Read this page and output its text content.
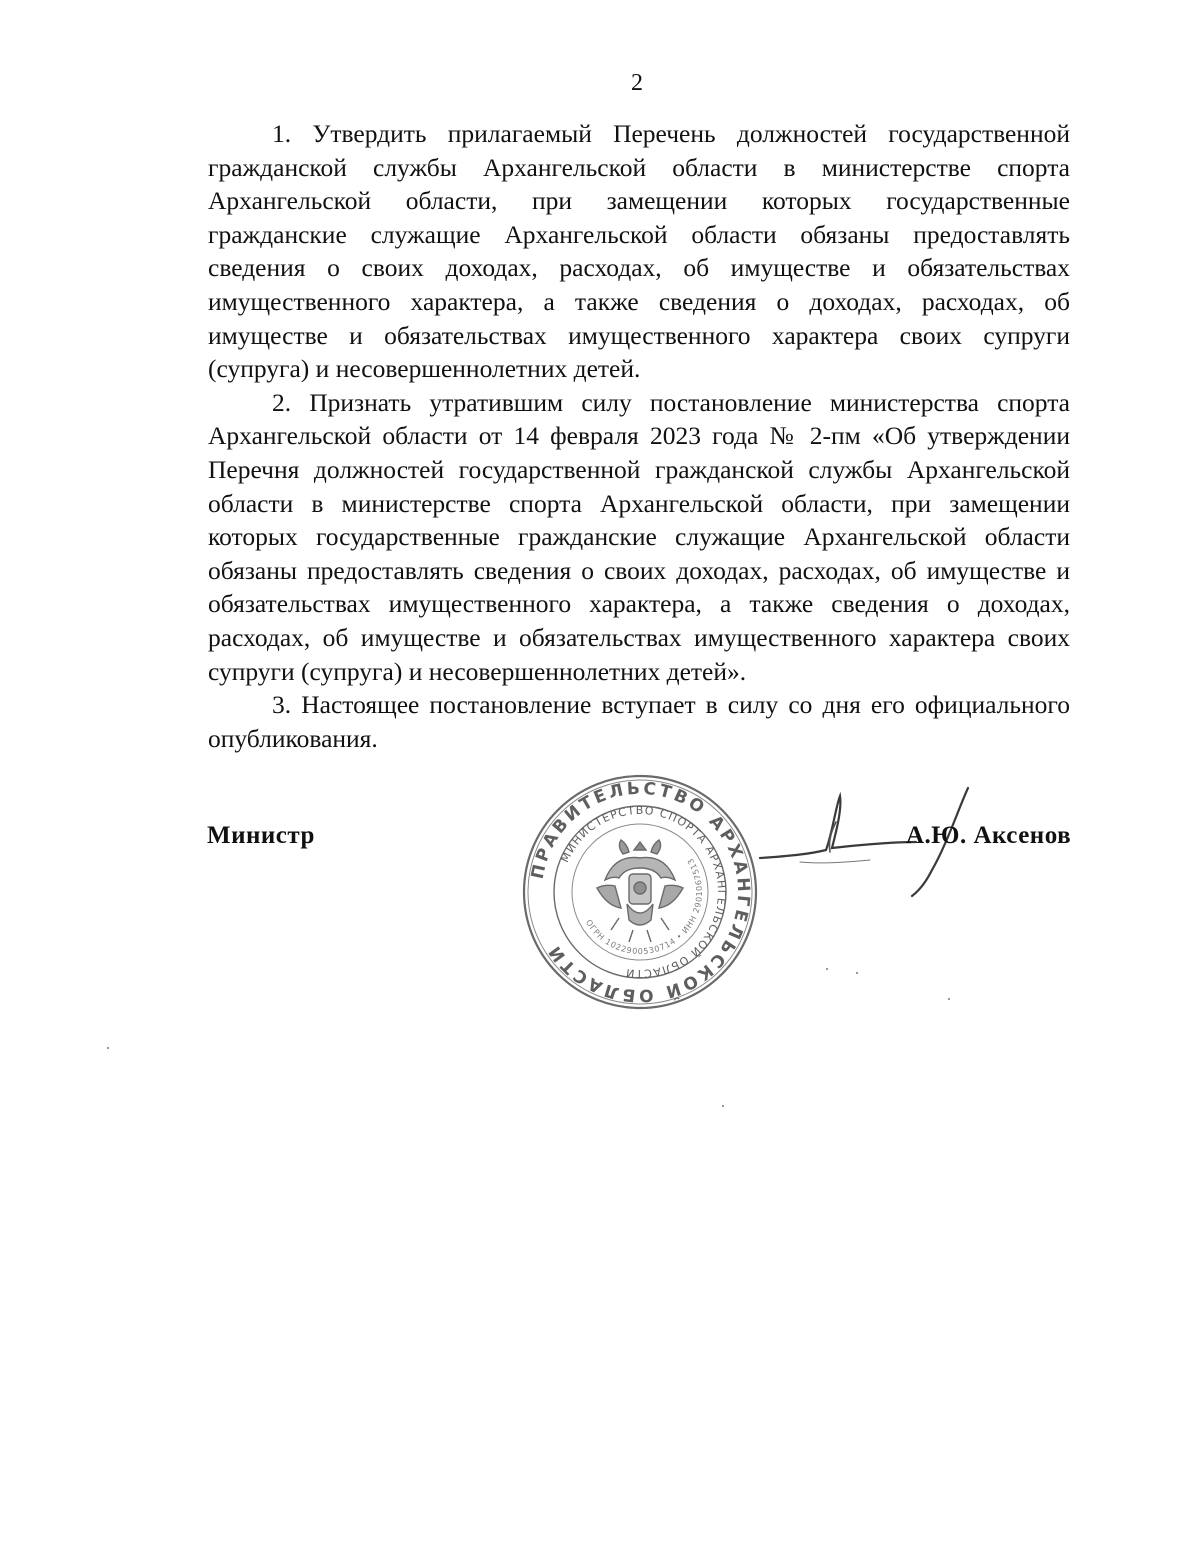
2

1. Утвердить прилагаемый Перечень должностей государственной гражданской службы Архангельской области в министерстве спорта Архангельской области, при замещении которых государственные гражданские служащие Архангельской области обязаны предоставлять сведения о своих доходах, расходах, об имуществе и обязательствах имущественного характера, а также сведения о доходах, расходах, об имуществе и обязательствах имущественного характера своих супруги (супруга) и несовершеннолетних детей.

2. Признать утратившим силу постановление министерства спорта Архангельской области от 14 февраля 2023 года № 2-пм «Об утверждении Перечня должностей государственной гражданской службы Архангельской области в министерстве спорта Архангельской области, при замещении которых государственные гражданские служащие Архангельской области обязаны предоставлять сведения о своих доходах, расходах, об имуществе и обязательствах имущественного характера, а также сведения о доходах, расходах, об имуществе и обязательствах имущественного характера своих супруги (супруга) и несовершеннолетних детей».

3. Настоящее постановление вступает в силу со дня его официального опубликования.

Министр
ПРАВИТЕЛЬСТВО АРХАНГЕЛЬСКОЙ ОБЛАСТИ
МИНИСТЕРСТВО СПОРТА АРХАНГЕЛЬСКОЙ ОБЛАСТИ
ОГРН 1022900530714 • ИНН 2901067513
А.Ю. Аксенов
